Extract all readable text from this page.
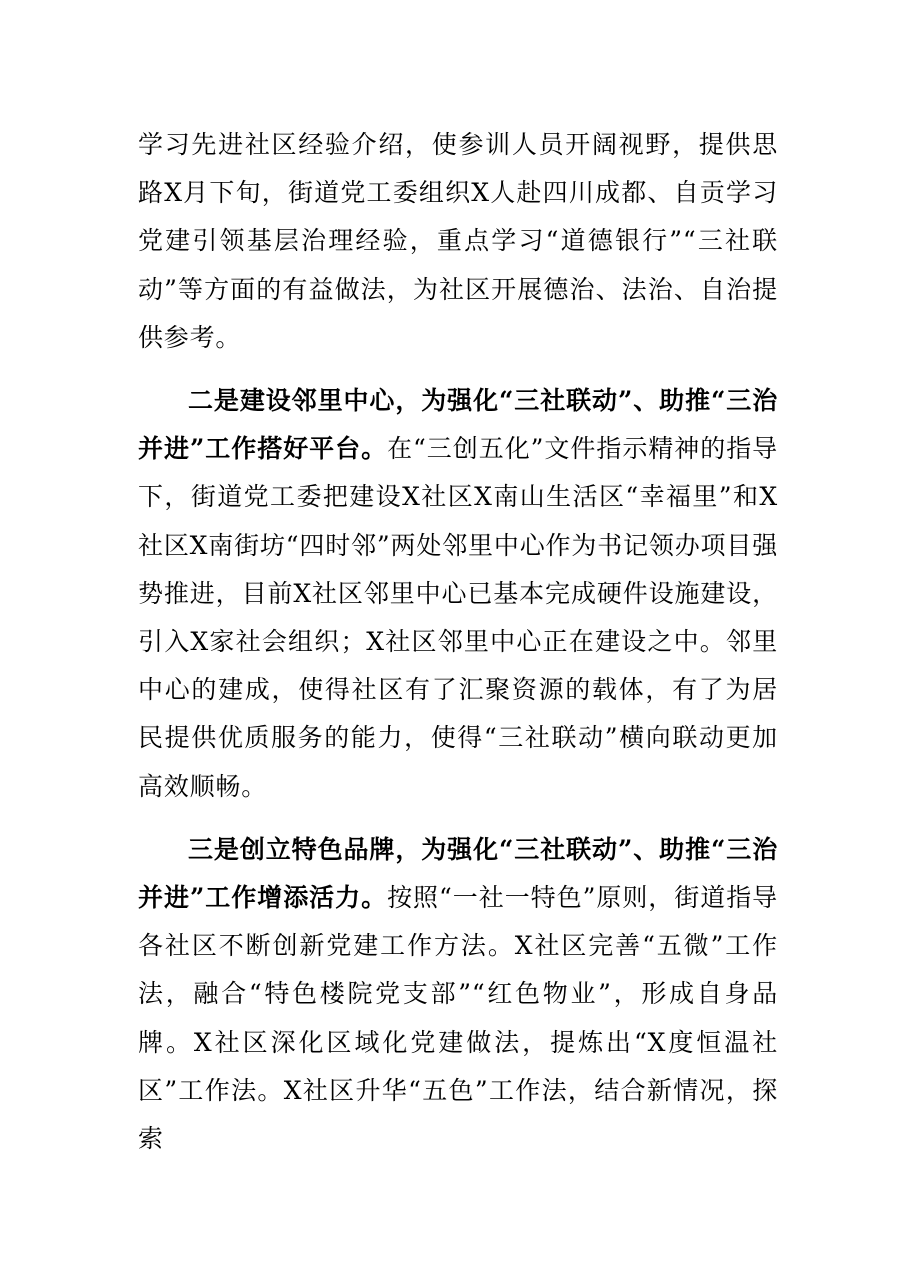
学习先进社区经验介绍，使参训人员开阔视野，提供思路X月下旬，街道党工委组织X人赴四川成都、自贡学习党建引领基层治理经验，重点学习“道德银行”“三社联动”等方面的有益做法，为社区开展德治、法治、自治提供参考。

二是建设邻里中心，为强化“三社联动”、助推“三治并进”工作搭好平台。在“三创五化”文件指示精神的指导下，街道党工委把建设X社区X南山生活区“幸福里”和X社区X南街坊“四时邻”两处邻里中心作为书记领办项目强势推进，目前X社区邻里中心已基本完成硬件设施建设，引入X家社会组织；X社区邻里中心正在建设之中。邻里中心的建成，使得社区有了汇聚资源的载体，有了为居民提供优质服务的能力，使得“三社联动”横向联动更加高效顺畅。

三是创立特色品牌，为强化“三社联动”、助推“三治并进”工作增添活力。按照“一社一特色”原则，街道指导各社区不断创新党建工作方法。X社区完善“五微”工作法，融合“特色楼院党支部”“红色物业”，形成自身品牌。X社区深化区域化党建做法，提炼出“X度恒温社区”工作法。X社区升华“五色”工作法，结合新情况，探索
